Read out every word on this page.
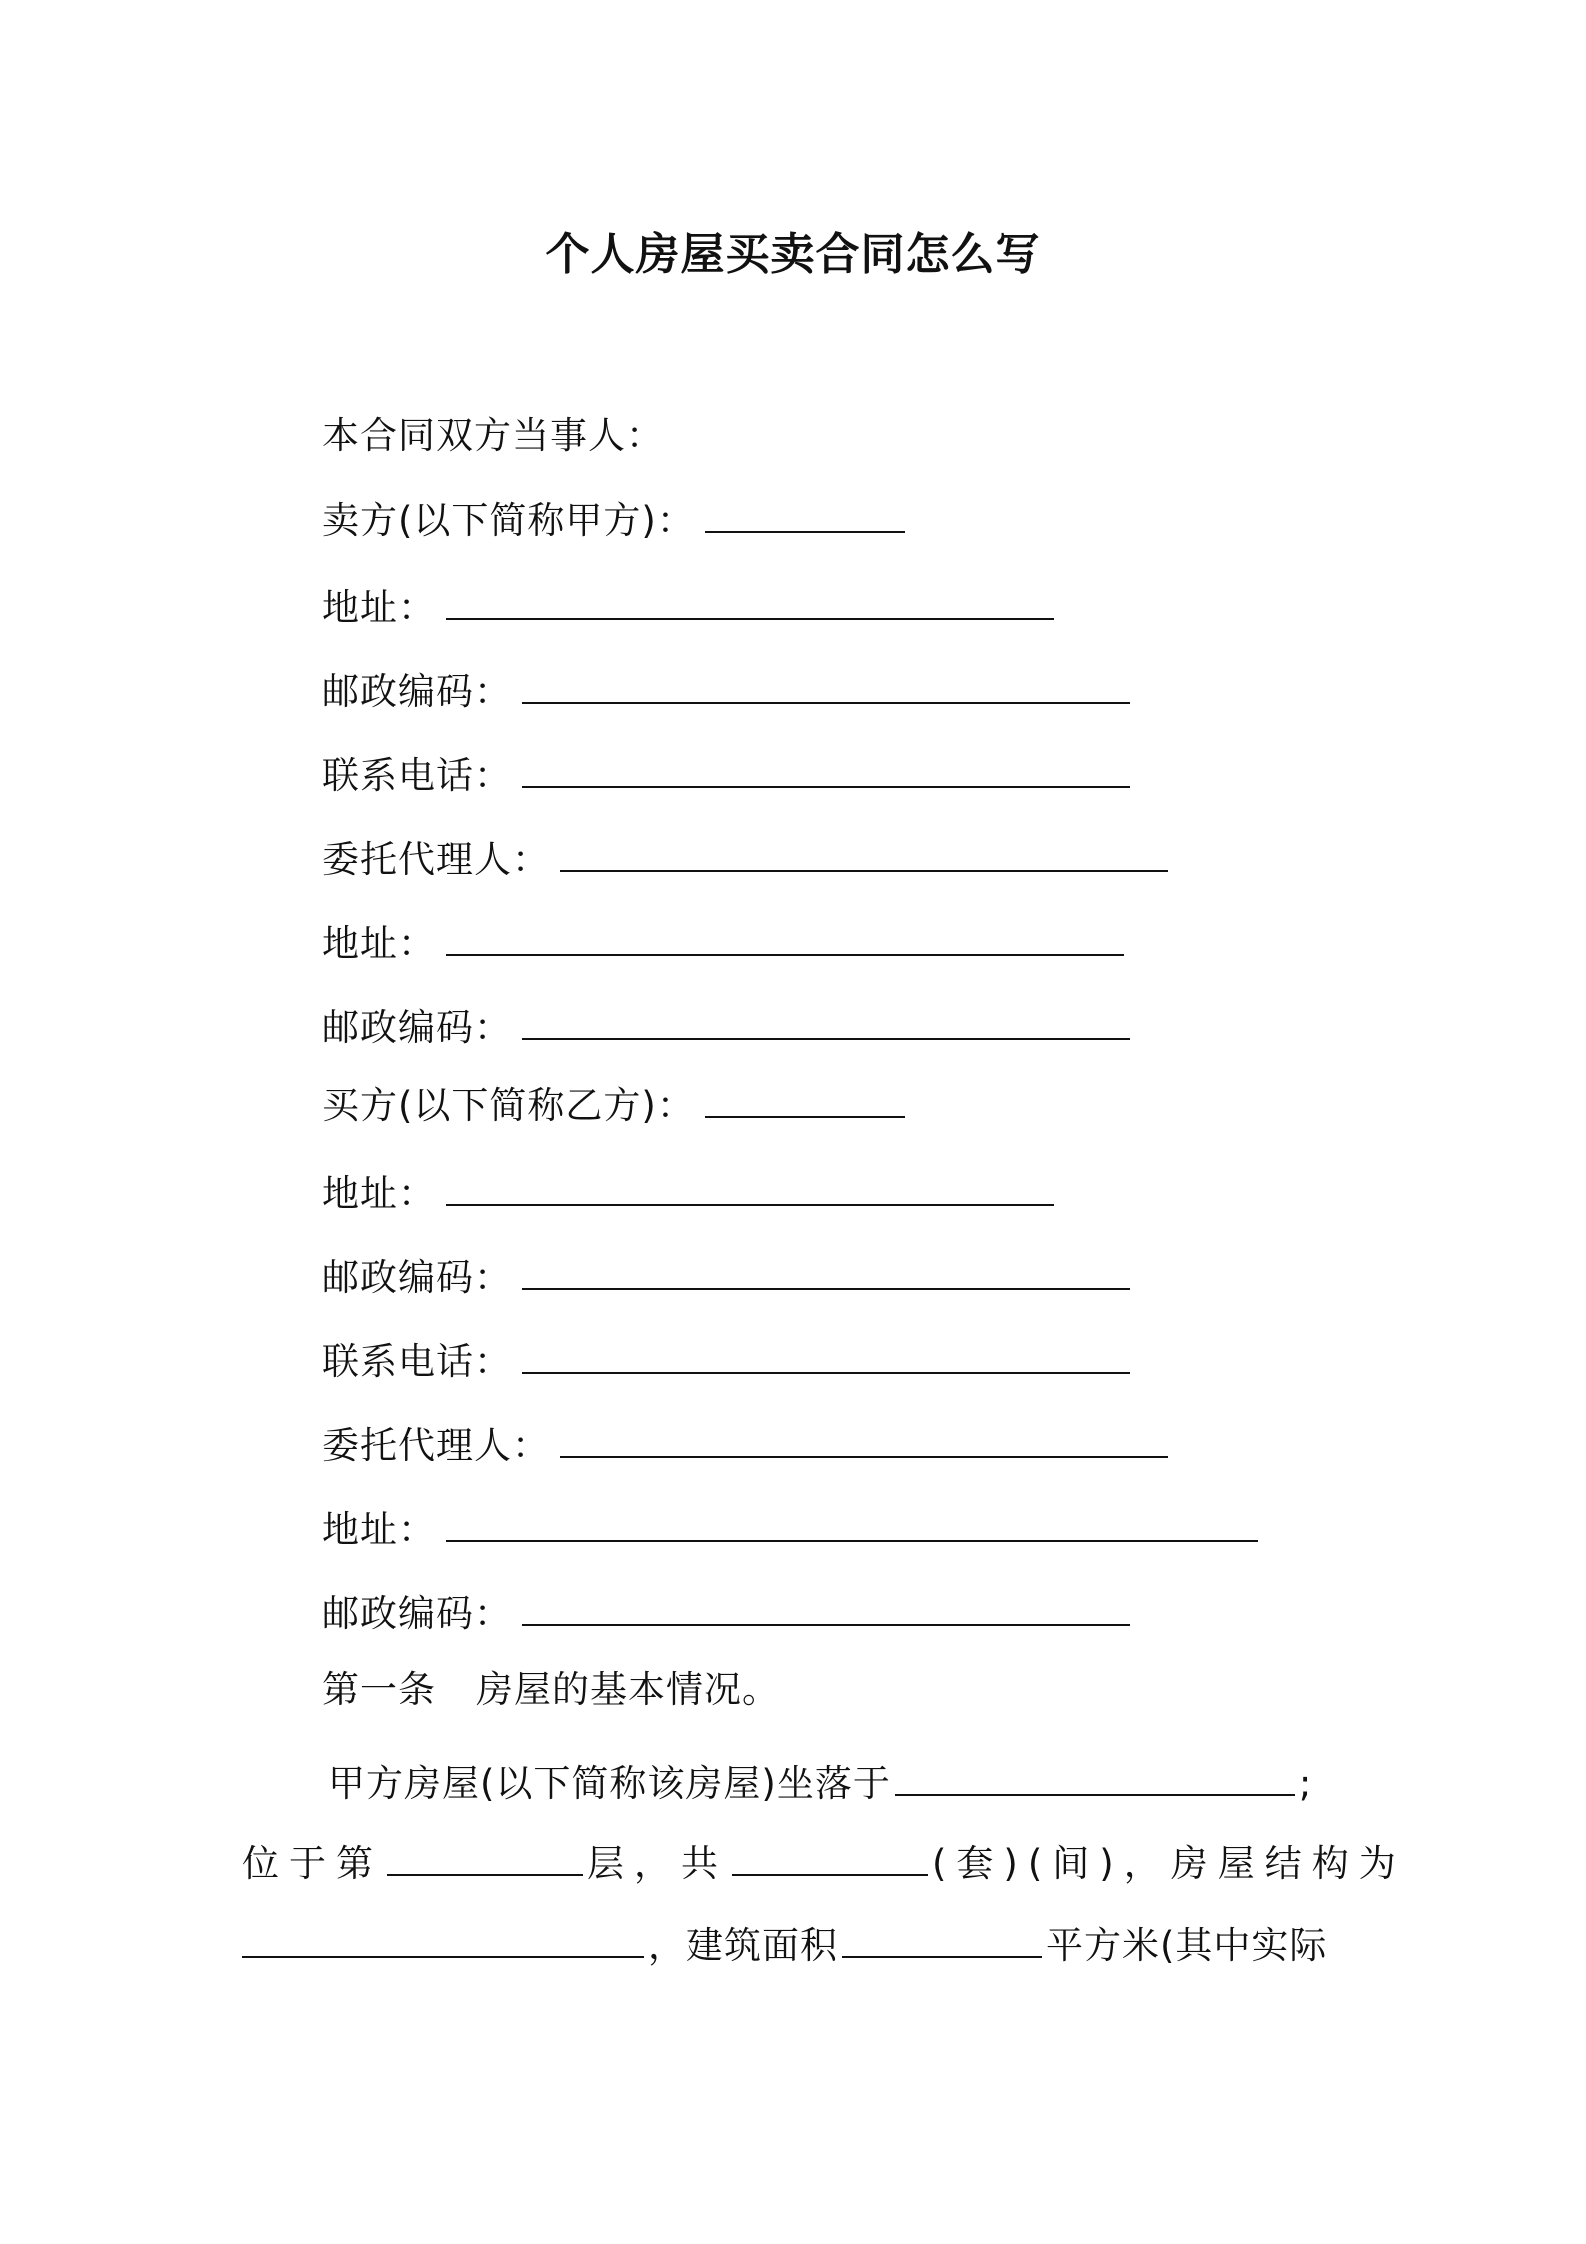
个人房屋买卖合同怎么写
本合同双方当事人：
卖方(以下简称甲方)：
地址：
邮政编码：
联系电话：
委托代理人：
地址：
邮政编码：
买方(以下简称乙方)：
地址：
邮政编码：
联系电话：
委托代理人：
地址：
邮政编码：
第一条 房屋的基本情况。
甲方房屋(以下简称该房屋)坐落于	;
位于第	层，共	(套)(间)，房屋结构为
，建筑面积	平方米(其中实际
